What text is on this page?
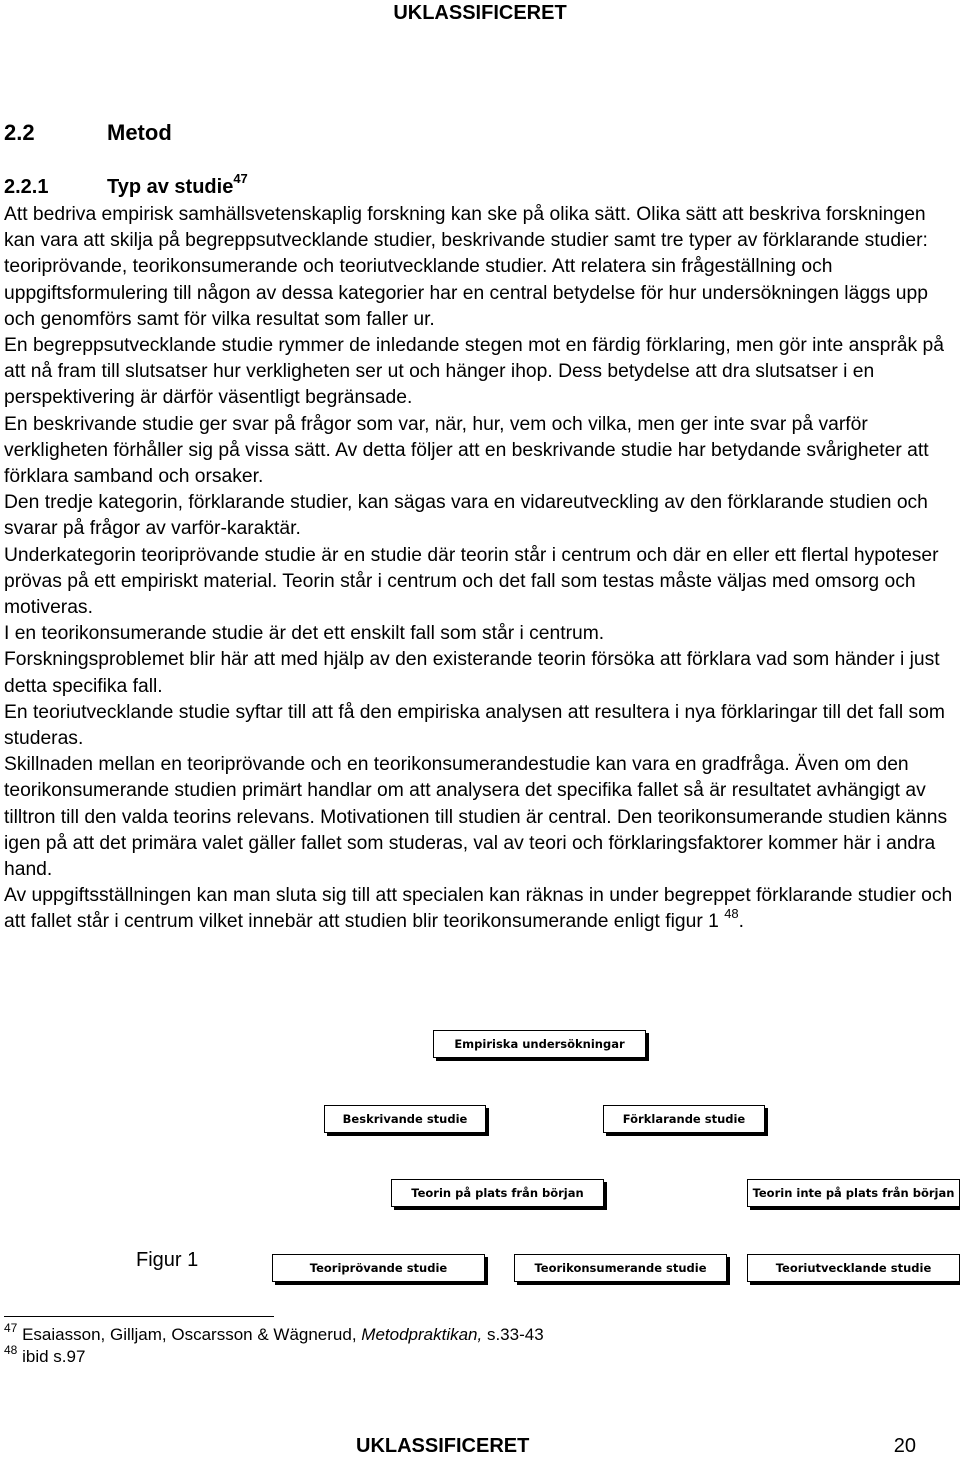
UKLASSIFICERET
2.2	Metod
2.2.1	Typ av studie$^{47}$

Att bedriva empirisk samhällsvetenskaplig forskning kan ske på olika sätt. Olika sätt att beskriva forskningen kan vara att skilja på begreppsutvecklande studier, beskrivande studier samt tre typer av förklarande studier: teoriprövande, teorikonsumerande och teoriutvecklande studier. Att relatera sin frågeställning och uppgiftsformulering till någon av dessa kategorier har en central betydelse för hur undersökningen läggs upp och genomförs samt för vilka resultat som faller ur.

En begreppsutvecklande studie rymmer de inledande stegen mot en färdig förklaring, men gör inte anspråk på att nå fram till slutsatser hur verkligheten ser ut och hänger ihop. Dess betydelse att dra slutsatser i en perspektivering är därför väsentligt begränsade.

En beskrivande studie ger svar på frågor som var, när, hur, vem och vilka, men ger inte svar på varför verkligheten förhåller sig på vissa sätt. Av detta följer att en beskrivande studie har betydande svårigheter att förklara samband och orsaker.

Den tredje kategorin, förklarande studier, kan sägas vara en vidareutveckling av den förklarande studien och svarar på frågor av varför-karaktär.

Underkategorin teoriprövande studie är en studie där teorin står i centrum och där en eller ett flertal hypoteser prövas på ett empiriskt material. Teorin står i centrum och det fall som testas måste väljas med omsorg och motiveras.

I en teorikonsumerande studie är det ett enskilt fall som står i centrum.

Forskningsproblemet blir här att med hjälp av den existerande teorin försöka att förklara vad som händer i just detta specifika fall.

En teoriutvecklande studie syftar till att få den empiriska analysen att resultera i nya förklaringar till det fall som studeras.

Skillnaden mellan en teoriprövande och en teorikonsumerandestudie kan vara en gradfråga. Även om den teorikonsumerande studien primärt handlar om att analysera det specifika fallet så är resultatet avhängigt av tilltron till den valda teorins relevans. Motivationen till studien är central. Den teorikonsumerande studien känns igen på att det primära valet gäller fallet som studeras, val av teori och förklaringsfaktorer kommer här i andra hand.

Av uppgiftsställningen kan man sluta sig till att specialen kan räknas in under begreppet förklarande studier och att fallet står i centrum vilket innebär att studien blir teorikonsumerande enligt figur 1 $^{48}$.

Empiriska undersökningar
Beskrivande studie	Förklarande studie
Teorin på plats från början	Teorin inte på plats från början
Teoriprövande studie	Teorikonsumerande studie	Teoriutvecklande studie
Figur 1
$^{47}$ Esaiasson, Gilljam, Oscarsson & Wägnerud, Metodpraktikan, s.33-43
$^{48}$ ibid s.97
UKLASSIFICERET	20
